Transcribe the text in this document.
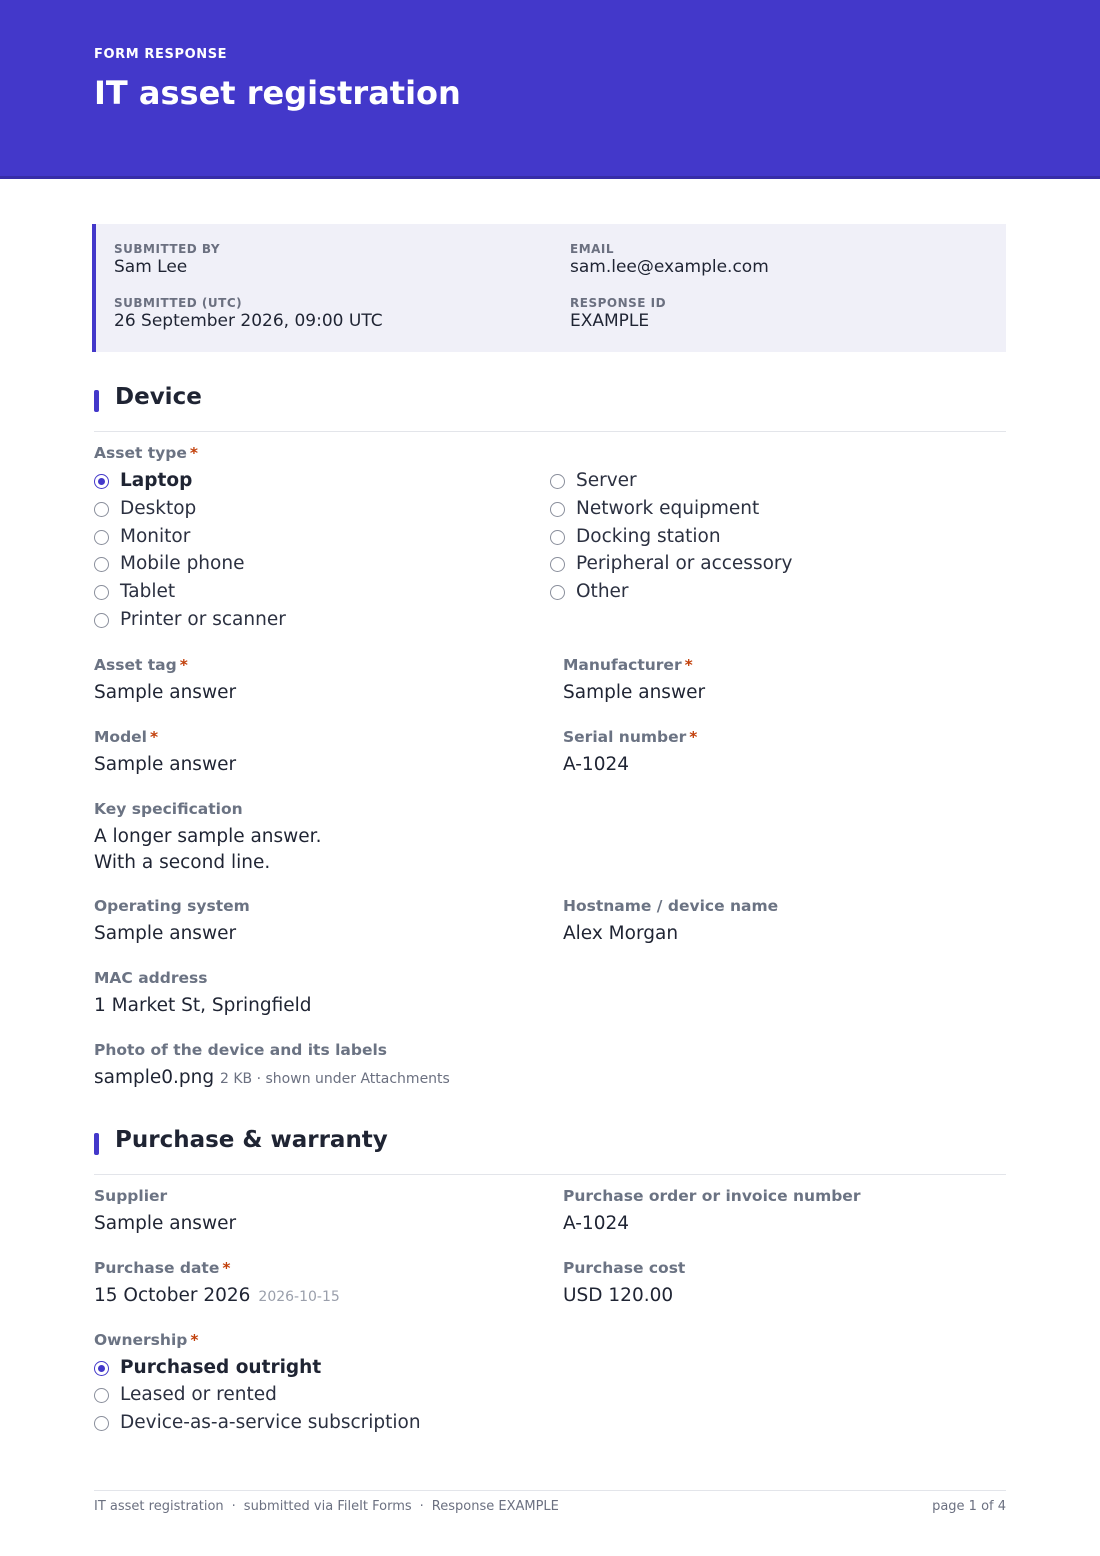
FORM RESPONSE
IT asset registration
SUBMITTED BY
Sam Lee
EMAIL
sam.lee@example.com
SUBMITTED (UTC)
26 September 2026, 09:00 UTC
RESPONSE ID
EXAMPLE
Device
Asset type *
Laptop
Desktop
Monitor
Mobile phone
Tablet
Printer or scanner
Server
Network equipment
Docking station
Peripheral or accessory
Other
Asset tag *
Sample answer
Manufacturer *
Sample answer
Model *
Sample answer
Serial number *
A-1024
Key specification
A longer sample answer.
With a second line.
Operating system
Sample answer
Hostname / device name
Alex Morgan
MAC address
1 Market St, Springfield
Photo of the device and its labels
sample0.png 2 KB · shown under Attachments
Purchase & warranty
Supplier
Sample answer
Purchase order or invoice number
A-1024
Purchase date *
15 October 2026 2026-10-15
Purchase cost
USD 120.00
Ownership *
Purchased outright
Leased or rented
Device-as-a-service subscription
IT asset registration · submitted via FileIt Forms · Response EXAMPLE	page 1 of 4
